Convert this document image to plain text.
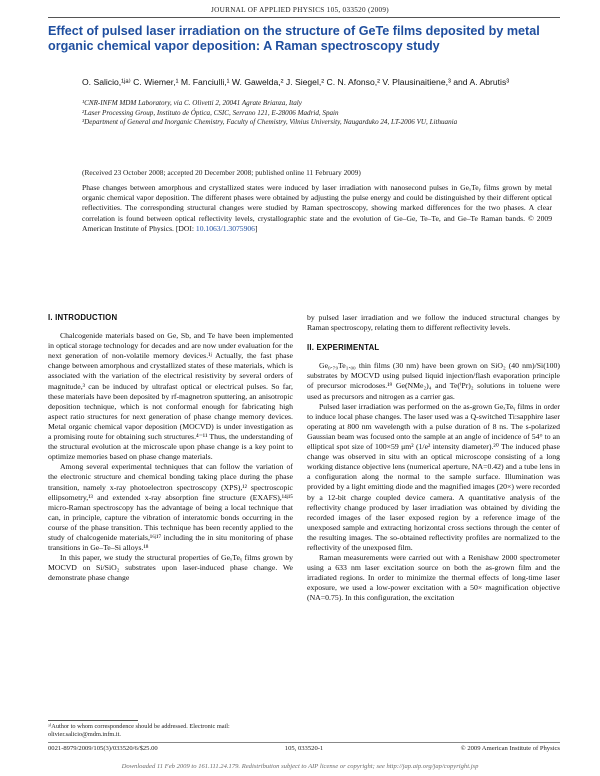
JOURNAL OF APPLIED PHYSICS 105, 033520 (2009)
Effect of pulsed laser irradiation on the structure of GeTe films deposited by metal organic chemical vapor deposition: A Raman spectroscopy study
O. Salicio,¹ʲᵃ⁾ C. Wiemer,¹ M. Fanciulli,¹ W. Gawelda,² J. Siegel,² C. N. Afonso,² V. Plausinaitiene,³ and A. Abrutis³
¹CNR-INFM MDM Laboratory, via C. Olivetti 2, 20041 Agrate Brianza, Italy
²Laser Processing Group, Instituto de Óptica, CSIC, Serrano 121, E-28006 Madrid, Spain
³Department of General and Inorganic Chemistry, Faculty of Chemistry, Vilnius University, Naugarduko 24, LT-2006 VU, Lithuania
(Received 23 October 2008; accepted 20 December 2008; published online 11 February 2009)
Phase changes between amorphous and crystallized states were induced by laser irradiation with nanosecond pulses in GeₓTeᵧ films grown by metal organic chemical vapor deposition. The different phases were obtained by adjusting the pulse energy and could be distinguished by their different optical reflectivities. The corresponding structural changes were studied by Raman spectroscopy, showing marked differences for the two phases. A clear correlation is found between optical reflectivity levels, crystallographic state and the evolution of Ge–Ge, Te–Te, and Ge–Te Raman bands. © 2009 American Institute of Physics. [DOI: 10.1063/1.3075906]
I. INTRODUCTION

Chalcogenide materials based on Ge, Sb, and Te have been implemented in optical storage technology for decades and are now under evaluation for the next generation of non-volatile memory devices.¹ʲ Actually, the fast phase change between amorphous and crystallized states of these materials, which is associated with the variation of the electrical resistivity by several orders of magnitude,³ can be induced by ultrafast optical or electrical pulses. So far, these materials have been deposited by rf-magnetron sputtering, an anisotropic deposition technique, which is not conformal enough for fabricating high aspect ratio structures for next generation of phase change memory devices. Metal organic chemical vapor deposition (MOCVD) is under investigation as a promising route for obtaining such structures.⁴⁻¹¹ Thus, the understanding of the structural evolution at the microscale upon phase change is a key point to optimize memories based on phase change materials.

Among several experimental techniques that can follow the variation of the electronic structure and chemical bonding taking place during the phase transition, namely x-ray photoelectron spectroscopy (XPS),¹² spectroscopic ellipsometry,¹³ and extended x-ray absorption fine structure (EXAFS),¹⁴ʲ¹⁵ micro-Raman spectroscopy has the advantage of being a local technique that can, in principle, capture the vibration of interatomic bonds occurring in the course of the phase transition. This technique has been recently applied to the study of chalcogenide materials,¹⁶ʲ¹⁷ including the in situ monitoring of phase transitions in Ge–Te–Si alloys.¹⁸

In this paper, we study the structural properties of GeₓTeᵧ films grown by MOCVD on Si/SiO₂ substrates upon laser-induced phase change. We demonstrate phase change

by pulsed laser irradiation and we follow the induced structural changes by Raman spectroscopy, relating them to different reflectivity levels.

II. EXPERIMENTAL

Ge₀.₇₉Te₁.₀₀ thin films (30 nm) have been grown on SiO₂ (40 nm)/Si(100) substrates by MOCVD using pulsed liquid injection/flash evaporation principle of precursor microdoses.¹⁹ Ge(NMe₂)₄ and Te(ⁱPr)₂ solutions in toluene were used as precursors and nitrogen as a carrier gas.

Pulsed laser irradiation was performed on the as-grown GeₓTeᵧ films in order to induce local phase changes. The laser used was a Q-switched Ti:sapphire laser operating at 800 nm wavelength with a pulse duration of 8 ns. The s-polarized Gaussian beam was focused onto the sample at an angle of incidence of 54° to an elliptical spot size of 100×59 μm² (1/e² intensity diameter).²⁰ The induced phase change was observed in situ with an optical microscope consisting of a long working distance objective lens (numerical aperture, NA=0.42) and a tube lens in a configuration along the normal to the sample surface. Illumination was provided by a light emitting diode and the magnified images (20×) were recorded by a 12-bit charge coupled device camera. A quantitative analysis of the reflectivity change produced by laser irradiation was obtained by dividing the recorded images of the laser exposed region by a reference image of the unexposed sample and extracting horizontal cross sections through the center of the resulting images. The so-obtained reflectivity profiles are normalized to the reflectivity of the unexposed film.

Raman measurements were carried out with a Renishaw 2000 spectrometer using a 633 nm laser excitation source on both the as-grown film and the irradiated regions. In order to minimize the thermal effects of long-time laser exposure, we used a low-power excitation with a 50× magnification objective (NA=0.75). In this configuration, the excitation

ᵃ⁾Author to whom correspondence should be addressed. Electronic mail: olivier.salicio@mdm.infm.it.
0021-8979/2009/105(3)/033520/6/$25.00	105, 033520-1	© 2009 American Institute of Physics
Downloaded 11 Feb 2009 to 161.111.24.179. Redistribution subject to AIP license or copyright; see http://jap.aip.org/jap/copyright.jsp
